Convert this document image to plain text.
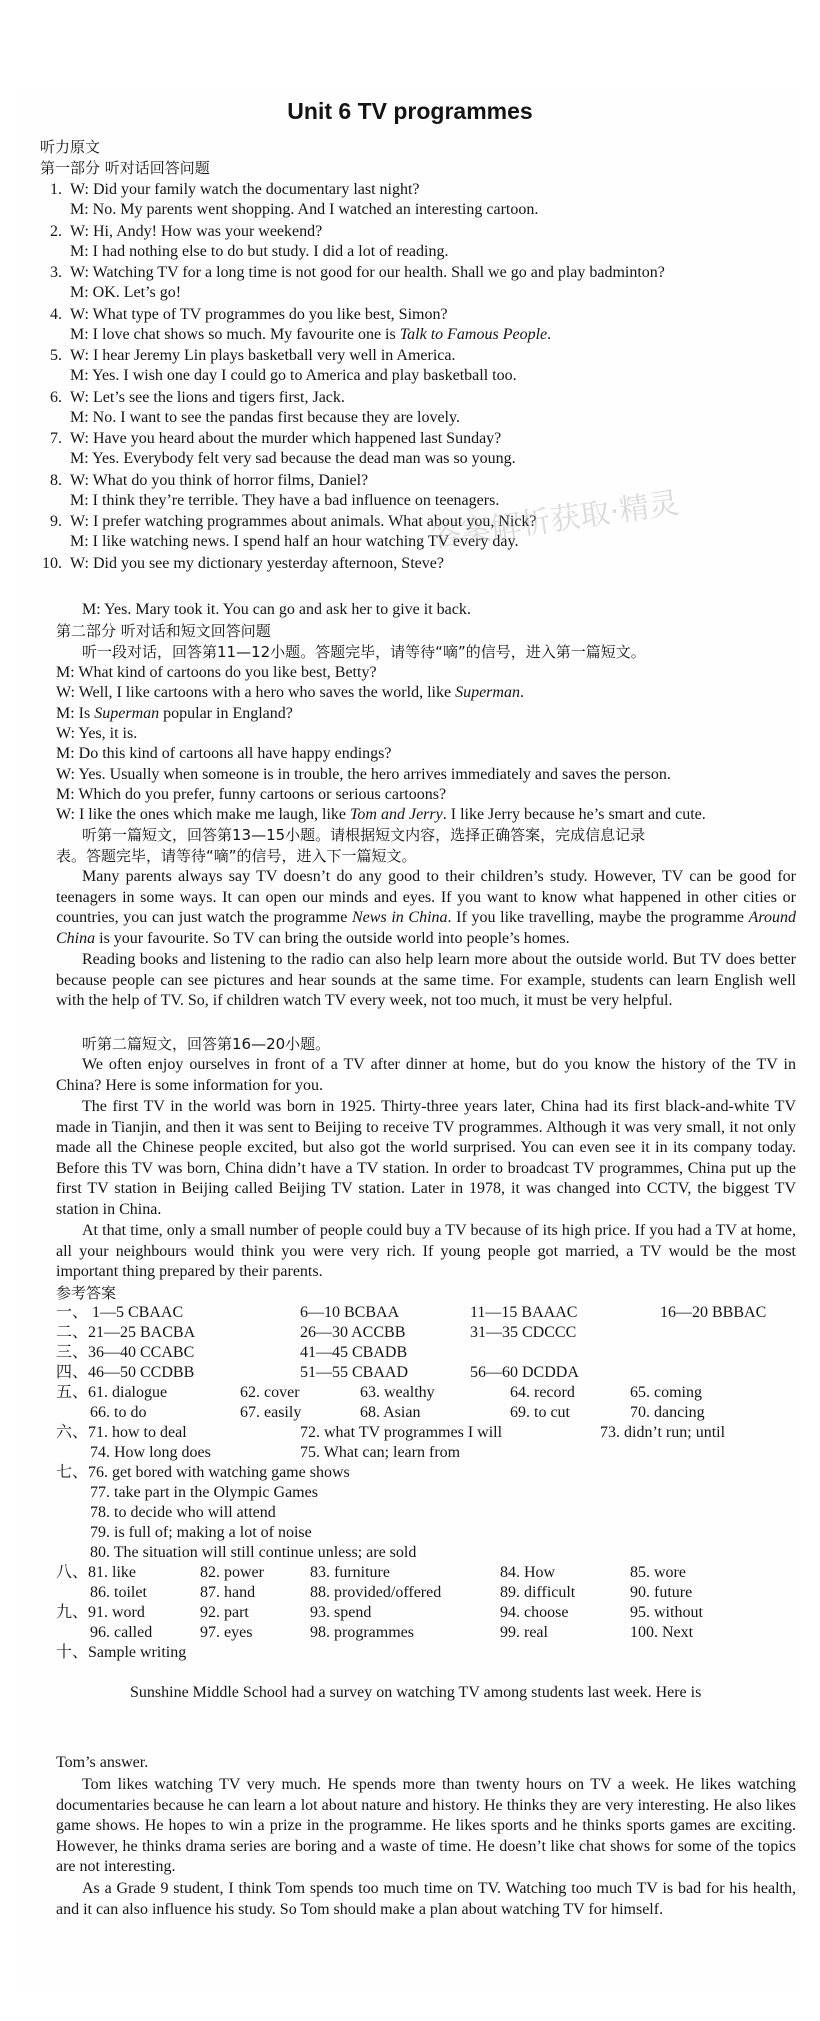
Unit 6 TV programmes
听力原文
第一部分 听对话回答问题
1. W: Did your family watch the documentary last night?
M: No. My parents went shopping. And I watched an interesting cartoon.
2. W: Hi, Andy! How was your weekend?
M: I had nothing else to do but study. I did a lot of reading.
3. W: Watching TV for a long time is not good for our health. Shall we go and play badminton?
M: OK. Let’s go!
4. W: What type of TV programmes do you like best, Simon?
M: I love chat shows so much. My favourite one is Talk to Famous People.
5. W: I hear Jeremy Lin plays basketball very well in America.
M: Yes. I wish one day I could go to America and play basketball too.
6. W: Let’s see the lions and tigers first, Jack.
M: No. I want to see the pandas first because they are lovely.
7. W: Have you heard about the murder which happened last Sunday?
M: Yes. Everybody felt very sad because the dead man was so young.
8. W: What do you think of horror films, Daniel?
M: I think they’re terrible. They have a bad influence on teenagers.
9. W: I prefer watching programmes about animals. What about you, Nick?
M: I like watching news. I spend half an hour watching TV every day.
10. W: Did you see my dictionary yesterday afternoon, Steve?
答案解析获取·精灵
M: Yes. Mary took it. You can go and ask her to give it back.
第二部分 听对话和短文回答问题
听一段对话，回答第11—12小题。答题完毕，请等待“嘀”的信号，进入第一篇短文。
M: What kind of cartoons do you like best, Betty?
W: Well, I like cartoons with a hero who saves the world, like Superman.
M: Is Superman popular in England?
W: Yes, it is.
M: Do this kind of cartoons all have happy endings?
W: Yes. Usually when someone is in trouble, the hero arrives immediately and saves the person.
M: Which do you prefer, funny cartoons or serious cartoons?
W: I like the ones which make me laugh, like Tom and Jerry. I like Jerry because he’s smart and cute.
听第一篇短文，回答第13—15小题。请根据短文内容，选择正确答案，完成信息记录
表。答题完毕，请等待“嘀”的信号，进入下一篇短文。
Many parents always say TV doesn’t do any good to their children’s study. However, TV can be good for teenagers in some ways. It can open our minds and eyes. If you want to know what happened in other cities or countries, you can just watch the programme News in China. If you like travelling, maybe the programme Around China is your favourite. So TV can bring the outside world into people’s homes.
Reading books and listening to the radio can also help learn more about the outside world. But TV does better because people can see pictures and hear sounds at the same time. For example, students can learn English well with the help of TV. So, if children watch TV every week, not too much, it must be very helpful.
听第二篇短文，回答第16—20小题。
We often enjoy ourselves in front of a TV after dinner at home, but do you know the history of the TV in China? Here is some information for you.
The first TV in the world was born in 1925. Thirty-three years later, China had its first black-and-white TV made in Tianjin, and then it was sent to Beijing to receive TV programmes. Although it was very small, it not only made all the Chinese people excited, but also got the world surprised. You can even see it in its company today. Before this TV was born, China didn’t have a TV station. In order to broadcast TV programmes, China put up the first TV station in Beijing called Beijing TV station. Later in 1978, it was changed into CCTV, the biggest TV station in China.
At that time, only a small number of people could buy a TV because of its high price. If you had a TV at home, all your neighbours would think you were very rich. If young people got married, a TV would be the most important thing prepared by their parents.
参考答案
一、 1—5 CBAAC	6—10 BCBAA	11—15 BAAAC	16—20 BBBAC
二、21—25 BACBA	26—30 ACCBB	31—35 CDCCC
三、36—40 CCABC	41—45 CBADB
四、46—50 CCDBB	51—55 CBAAD	56—60 DCDDA
五、61. dialogue	62. cover	63. wealthy	64. record	65. coming
66. to do	67. easily	68. Asian	69. to cut	70. dancing
六、71. how to deal	72. what TV programmes I will	73. didn’t run; until
74. How long does	75. What can; learn from
七、76. get bored with watching game shows
77. take part in the Olympic Games
78. to decide who will attend
79. is full of; making a lot of noise
80. The situation will still continue unless; are sold
八、81. like	82. power	83. furniture	84. How	85. wore
86. toilet	87. hand	88. provided/offered	89. difficult	90. future
九、91. word	92. part	93. spend	94. choose	95. without
96. called	97. eyes	98. programmes	99. real	100. Next
十、Sample writing
Sunshine Middle School had a survey on watching TV among students last week. Here is
Tom’s answer.
Tom likes watching TV very much. He spends more than twenty hours on TV a week. He likes watching documentaries because he can learn a lot about nature and history. He thinks they are very interesting. He also likes game shows. He hopes to win a prize in the programme. He likes sports and he thinks sports games are exciting. However, he thinks drama series are boring and a waste of time. He doesn’t like chat shows for some of the topics are not interesting.
As a Grade 9 student, I think Tom spends too much time on TV. Watching too much TV is bad for his health, and it can also influence his study. So Tom should make a plan about watching TV for himself.
